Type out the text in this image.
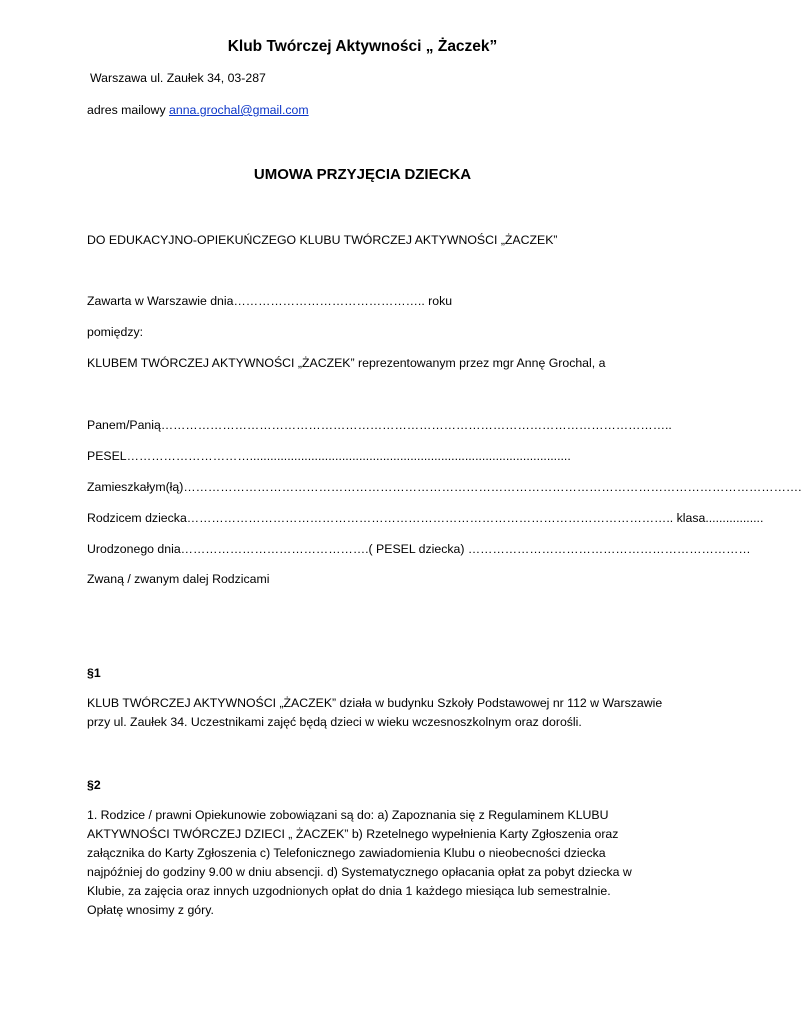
Klub Twórczej Aktywności „ Żaczek”
Warszawa ul. Zaułek 34, 03-287
adres mailowy anna.grochal@gmail.com
UMOWA PRZYJĘCIA DZIECKA
DO EDUKACYJNO-OPIEKUŃCZEGO KLUBU TWÓRCZEJ AKTYWNOŚCI „ŻACZEK”
Zawarta w Warszawie dnia……………………………………….. roku
pomiędzy:
KLUBEM TWÓRCZEJ AKTYWNOŚCI „ŻACZEK” reprezentowanym przez mgr Annę Grochal, a
Panem/Panią……………………………………………………………………………………………………………..
PESEL…………………………..............................................................................................
Zamieszkałym(łą)…………………………………………………………………………………………………………………………………….
Rodzicem dziecka……………………………………………………………………………………………………….. klasa.................
Urodzonego dnia……………………………………….( PESEL dziecka) ……………………………………………………………
Zwaną / zwanym dalej Rodzicami
§1
KLUB TWÓRCZEJ AKTYWNOŚCI „ŻACZEK” działa w budynku Szkoły Podstawowej nr 112 w Warszawie
przy ul. Zaułek 34. Uczestnikami zajęć będą dzieci w wieku wczesnoszkolnym oraz dorośli.
§2
1. Rodzice / prawni Opiekunowie zobowiązani są do: a) Zapoznania się z Regulaminem KLUBU
AKTYWNOŚCI TWÓRCZEJ DZIECI „ ŻACZEK” b) Rzetelnego wypełnienia Karty Zgłoszenia oraz
załącznika do Karty Zgłoszenia c) Telefonicznego zawiadomienia Klubu o nieobecności dziecka
najpóźniej do godziny 9.00 w dniu absencji. d) Systematycznego opłacania opłat za pobyt dziecka w
Klubie, za zajęcia oraz innych uzgodnionych opłat do dnia 1 każdego miesiąca lub semestralnie.
Opłatę wnosimy z góry.
